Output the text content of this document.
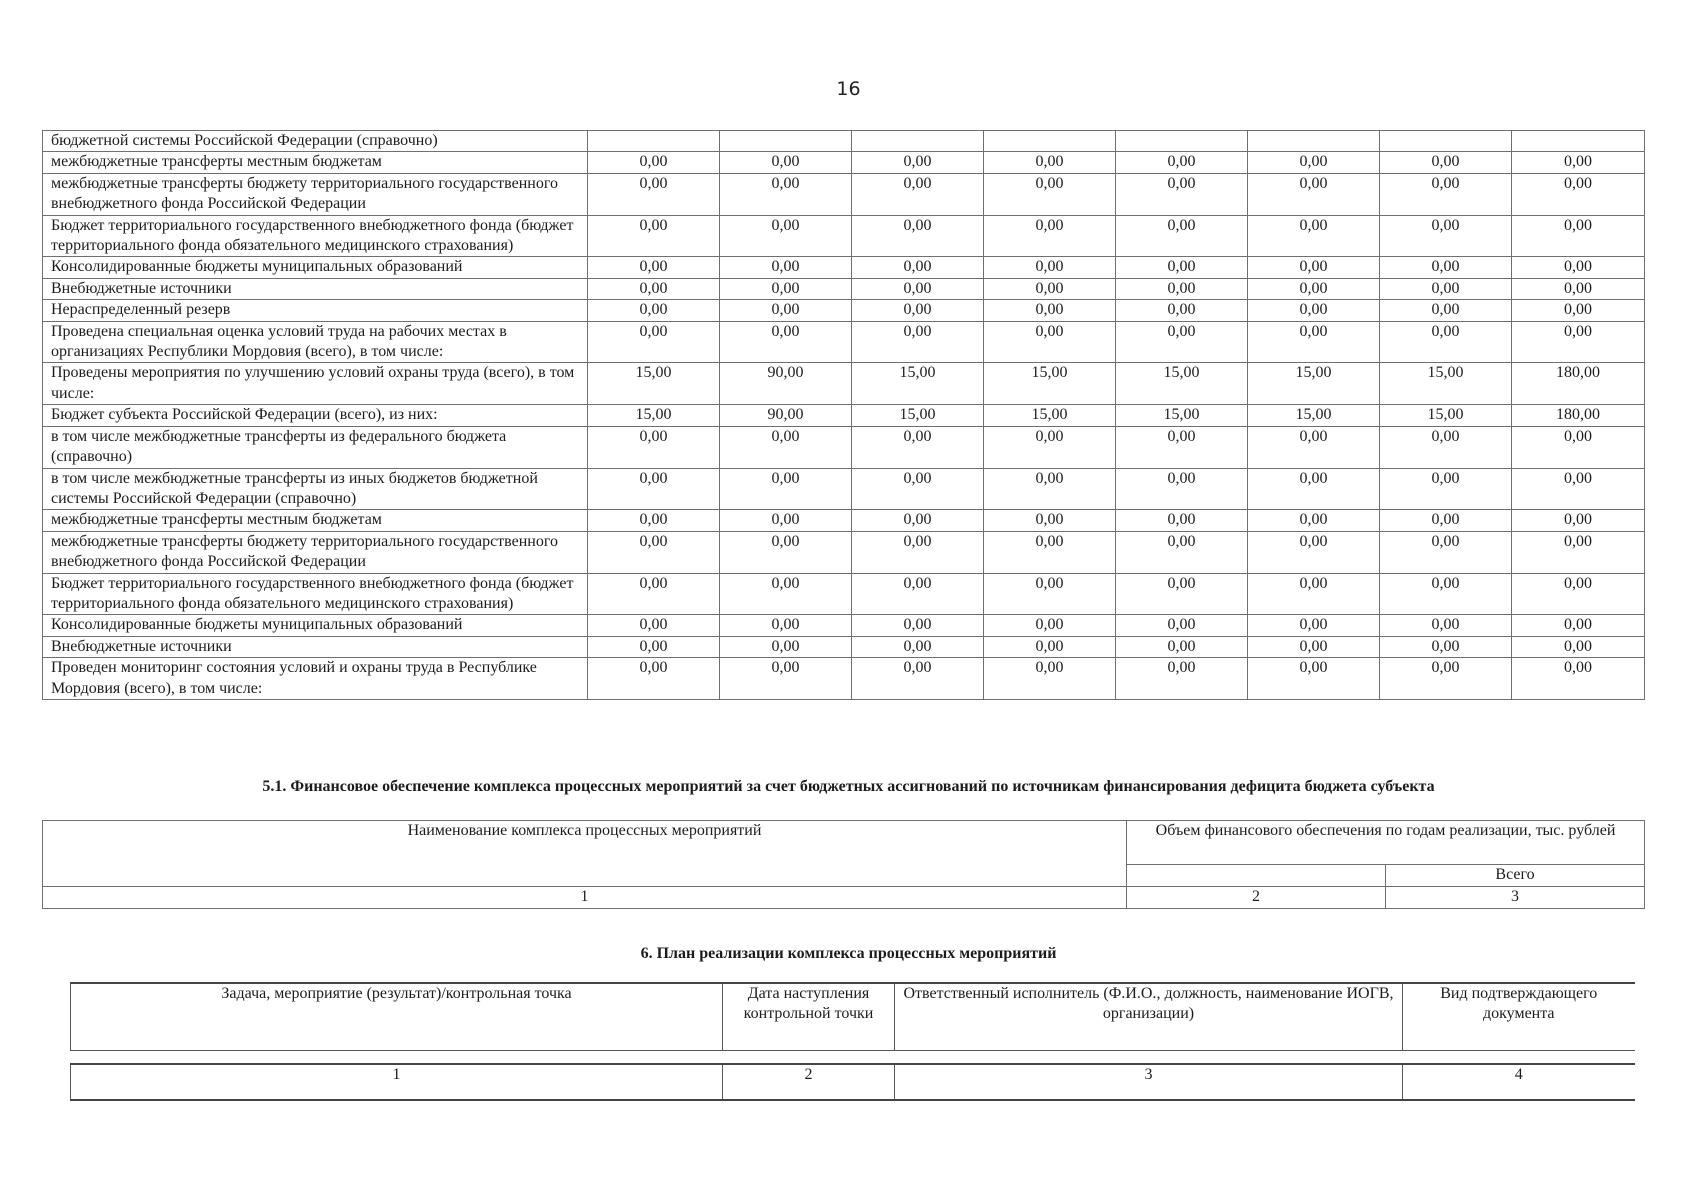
16
бюджетной системы Российской Федерации (справочно)								
межбюджетные трансферты местным бюджетам	0,00	0,00	0,00	0,00	0,00	0,00	0,00	0,00
межбюджетные трансферты бюджету территориального государственного внебюджетного фонда Российской Федерации	0,00	0,00	0,00	0,00	0,00	0,00	0,00	0,00
Бюджет территориального государственного внебюджетного фонда (бюджет территориального фонда обязательного медицинского страхования)	0,00	0,00	0,00	0,00	0,00	0,00	0,00	0,00
Консолидированные бюджеты муниципальных образований	0,00	0,00	0,00	0,00	0,00	0,00	0,00	0,00
Внебюджетные источники	0,00	0,00	0,00	0,00	0,00	0,00	0,00	0,00
Нераспределенный резерв	0,00	0,00	0,00	0,00	0,00	0,00	0,00	0,00
Проведена специальная оценка условий труда на рабочих местах в организациях Республики Мордовия (всего), в том числе:	0,00	0,00	0,00	0,00	0,00	0,00	0,00	0,00
Проведены мероприятия по улучшению условий охраны труда (всего), в том числе:	15,00	90,00	15,00	15,00	15,00	15,00	15,00	180,00
Бюджет субъекта Российской Федерации (всего), из них:	15,00	90,00	15,00	15,00	15,00	15,00	15,00	180,00
в том числе межбюджетные трансферты из федерального бюджета (справочно)	0,00	0,00	0,00	0,00	0,00	0,00	0,00	0,00
в том числе межбюджетные трансферты из иных бюджетов бюджетной системы Российской Федерации (справочно)	0,00	0,00	0,00	0,00	0,00	0,00	0,00	0,00
межбюджетные трансферты местным бюджетам	0,00	0,00	0,00	0,00	0,00	0,00	0,00	0,00
межбюджетные трансферты бюджету территориального государственного внебюджетного фонда Российской Федерации	0,00	0,00	0,00	0,00	0,00	0,00	0,00	0,00
Бюджет территориального государственного внебюджетного фонда (бюджет территориального фонда обязательного медицинского страхования)	0,00	0,00	0,00	0,00	0,00	0,00	0,00	0,00
Консолидированные бюджеты муниципальных образований	0,00	0,00	0,00	0,00	0,00	0,00	0,00	0,00
Внебюджетные источники	0,00	0,00	0,00	0,00	0,00	0,00	0,00	0,00
Проведен мониторинг состояния условий и охраны труда в Республике Мордовия (всего), в том числе:	0,00	0,00	0,00	0,00	0,00	0,00	0,00	0,00
5.1. Финансовое обеспечение комплекса процессных мероприятий за счет бюджетных ассигнований по источникам финансирования дефицита бюджета субъекта
Наименование комплекса процессных мероприятий	Объем финансового обеспечения по годам реализации, тыс. рублей	
		Всего
1	2	3
6. План реализации комплекса процессных мероприятий
Задача, мероприятие (результат)/контрольная точка	Дата наступления контрольной точки	Ответственный исполнитель (Ф.И.О., должность, наименование ИОГВ, организации)	Вид подтверждающего документа

1	2	3	4
